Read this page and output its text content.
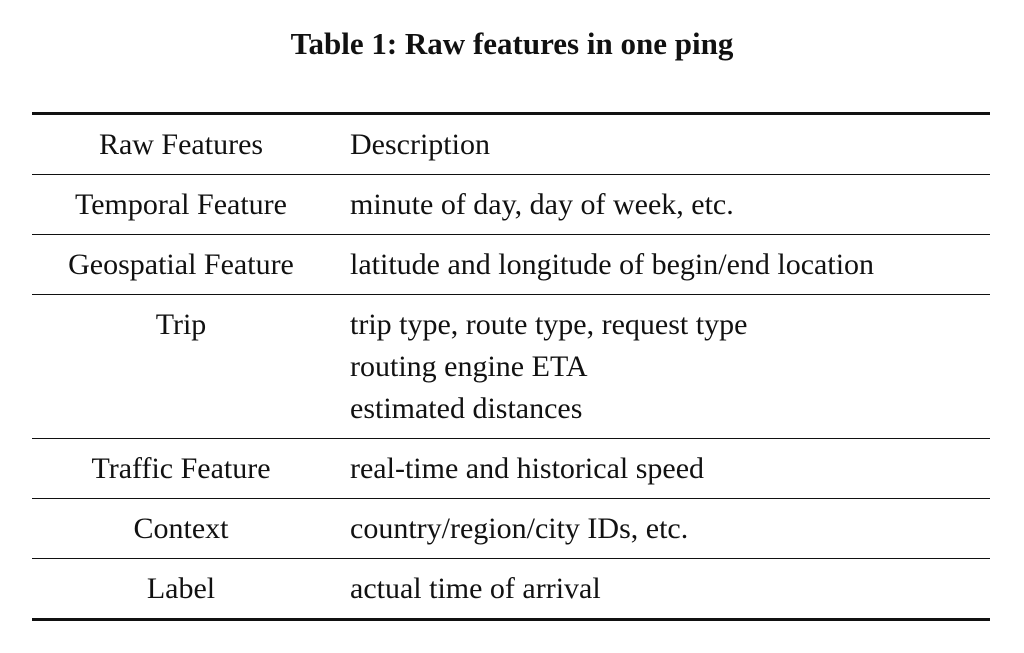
Table 1: Raw features in one ping
Raw Features	Description
Temporal Feature	minute of day, day of week, etc.

Geospatial Feature	latitude and longitude of begin/end location

Trip	trip type, route type, request type
routing engine ETA
estimated distances

Traffic Feature	real-time and historical speed

Context	country/region/city IDs, etc.

Label	actual time of arrival
